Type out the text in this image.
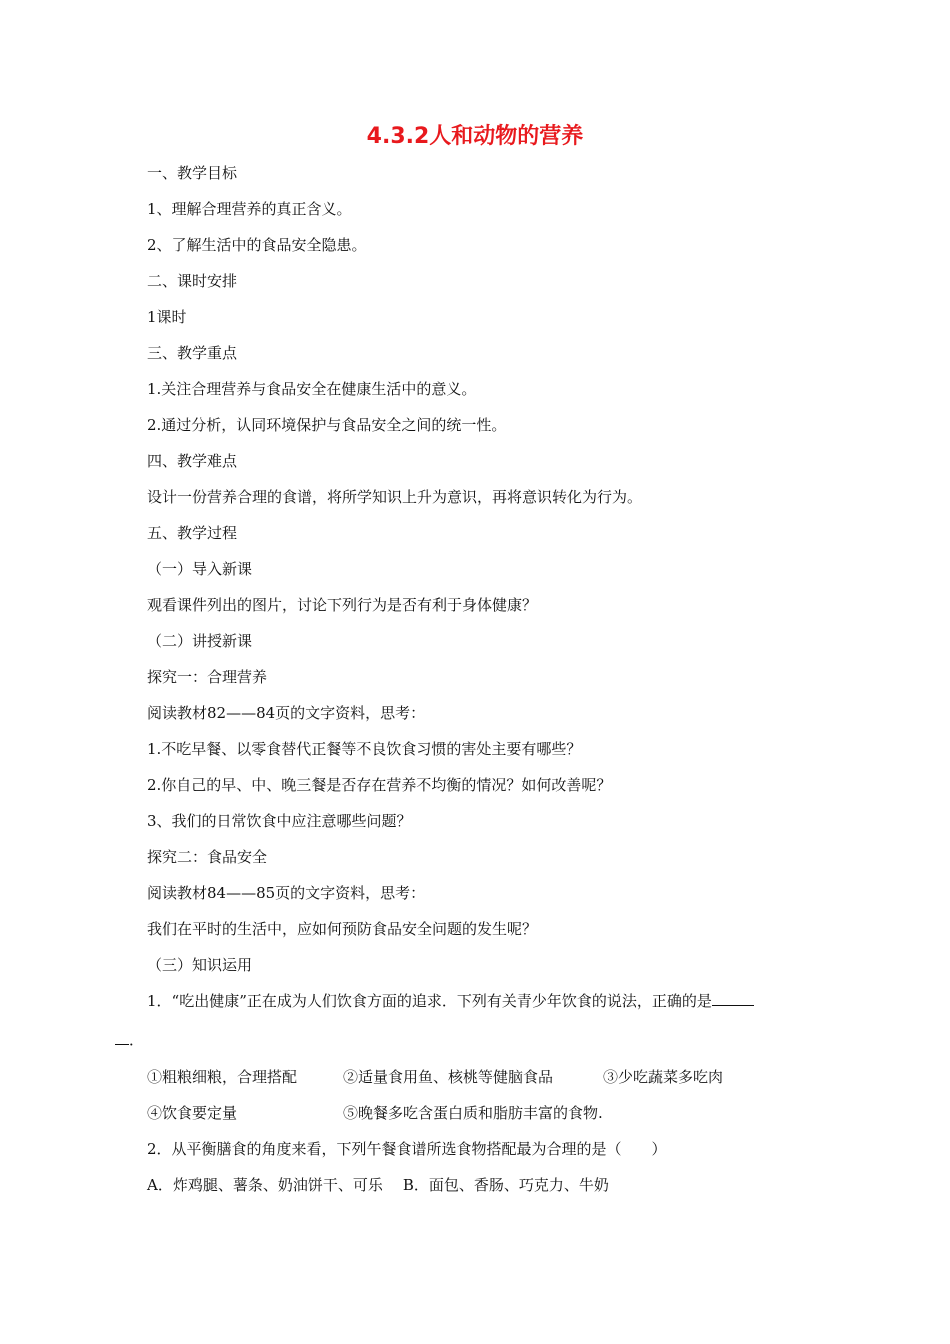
4.3.2人和动物的营养

一、教学目标

1、理解合理营养的真正含义。

2、了解生活中的食品安全隐患。

二、课时安排

1课时

三、教学重点

1.关注合理营养与食品安全在健康生活中的意义。

2.通过分析，认同环境保护与食品安全之间的统一性。

四、教学难点

设计一份营养合理的食谱，将所学知识上升为意识，再将意识转化为行为。

五、教学过程

（一）导入新课

观看课件列出的图片，讨论下列行为是否有利于身体健康？

（二）讲授新课

探究一：合理营养

阅读教材82——84页的文字资料，思考：

1.不吃早餐、以零食替代正餐等不良饮食习惯的害处主要有哪些？

2.你自己的早、中、晚三餐是否存在营养不均衡的情况？如何改善呢？

3、我们的日常饮食中应注意哪些问题？

探究二：食品安全

阅读教材84——85页的文字资料，思考：

我们在平时的生活中，应如何预防食品安全问题的发生呢？

（三）知识运用

1．“吃出健康”正在成为人们饮食方面的追求．下列有关青少年饮食的说法，正确的是

．

①粗粮细粮，合理搭配	②适量食用鱼、核桃等健脑食品	③少吃蔬菜多吃肉
④饮食要定量	⑤晚餐多吃含蛋白质和脂肪丰富的食物.

2．从平衡膳食的角度来看，下列午餐食谱所选食物搭配最为合理的是（　　）

A．炸鸡腿、薯条、奶油饼干、可乐 B．面包、香肠、巧克力、牛奶
